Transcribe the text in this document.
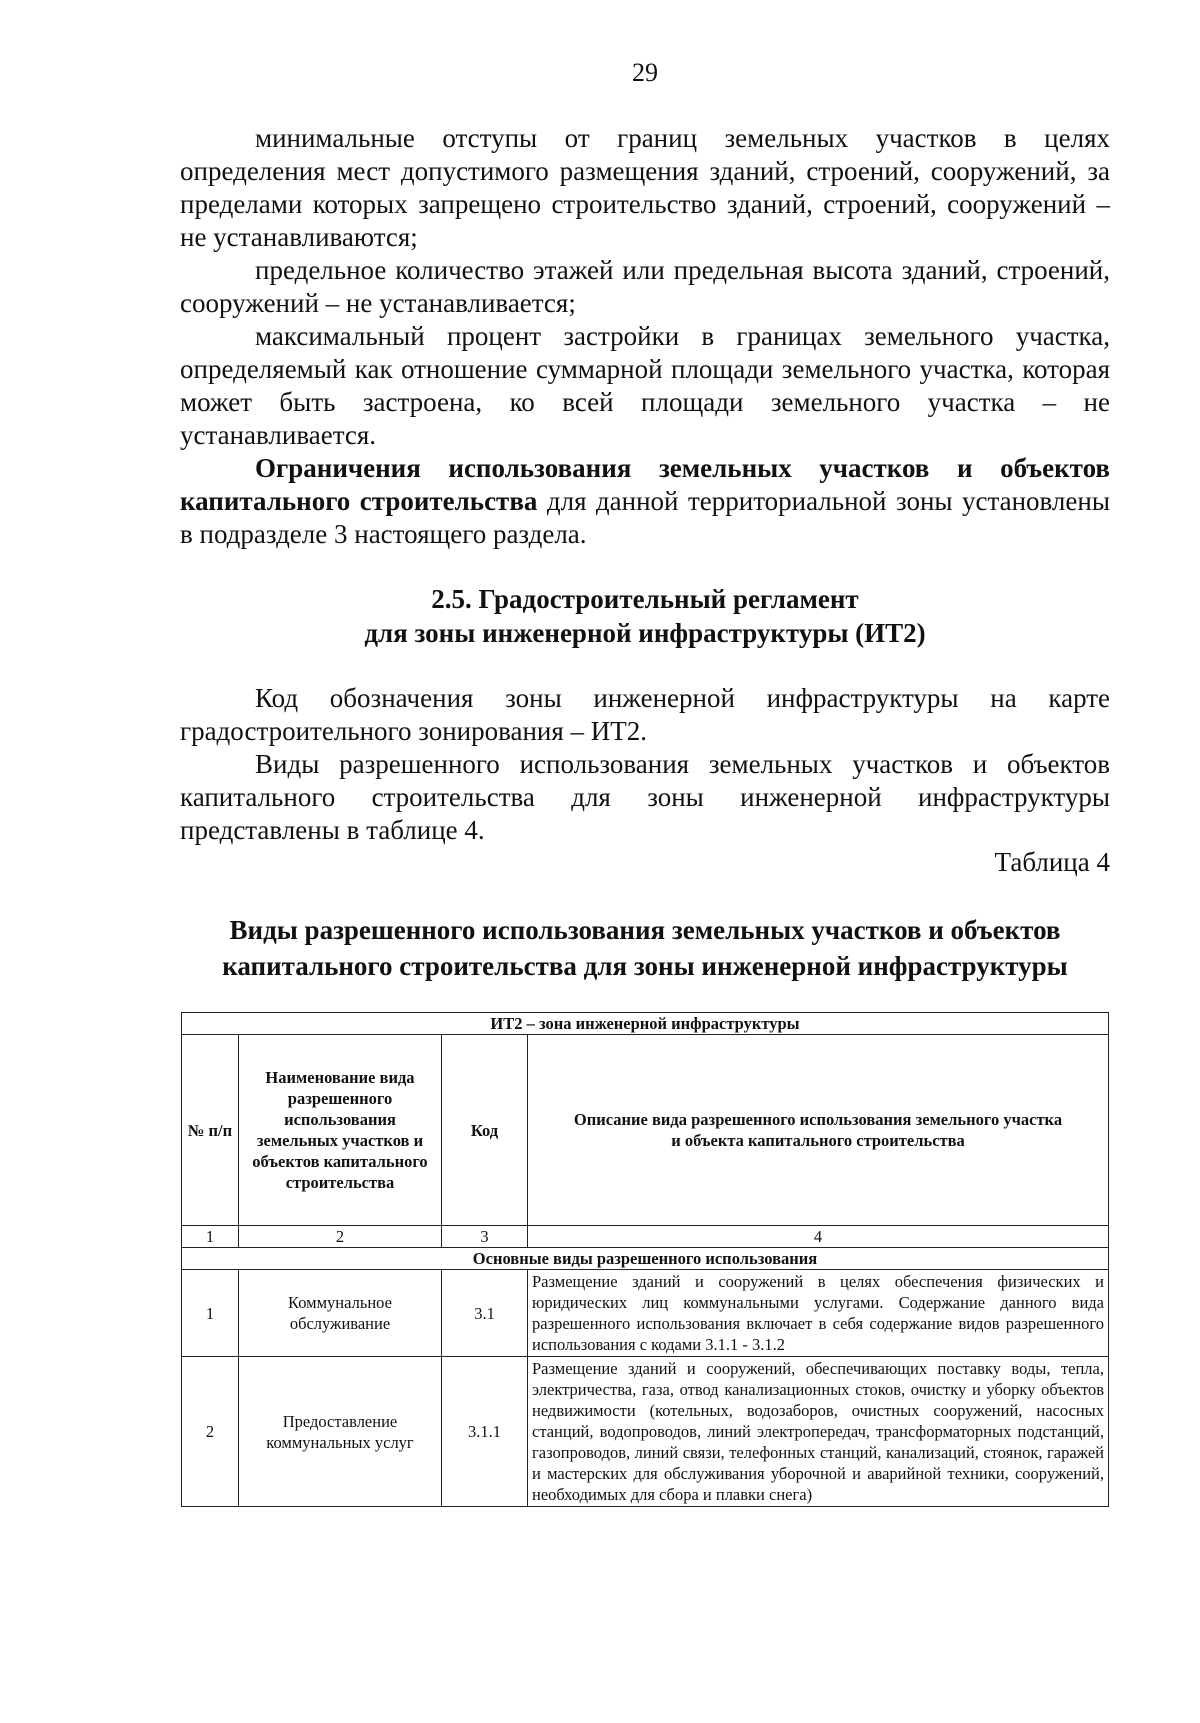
29

минимальные отступы от границ земельных участков в целях определения мест допустимого размещения зданий, строений, сооружений, за пределами которых запрещено строительство зданий, строений, сооружений – не устанавливаются;

предельное количество этажей или предельная высота зданий, строений, сооружений – не устанавливается;

максимальный процент застройки в границах земельного участка, определяемый как отношение суммарной площади земельного участка, которая может быть застроена, ко всей площади земельного участка – не устанавливается.

Ограничения использования земельных участков и объектов капитального строительства для данной территориальной зоны установлены в подразделе 3 настоящего раздела.

2.5. Градостроительный регламент
для зоны инженерной инфраструктуры (ИТ2)

Код обозначения зоны инженерной инфраструктуры на карте градостроительного зонирования – ИТ2.

Виды разрешенного использования земельных участков и объектов капитального строительства для зоны инженерной инфраструктуры представлены в таблице 4.

Таблица 4
Виды разрешенного использования земельных участков и объектов
капитального строительства для зоны инженерной инфраструктуры
ИТ2 – зона инженерной инфраструктуры			
№ п/п	Наименование вида разрешенного использования земельных участков и объектов капитального строительства	Код	Описание вида разрешенного использования земельного участка и объекта капитального строительства
1	2	3	4
Основные виды разрешенного использования			
1	Коммунальное обслуживание	3.1	Размещение зданий и сооружений в целях обеспечения физических и юридических лиц коммунальными услугами. Содержание данного вида разрешенного использования включает в себя содержание видов разрешенного использования с кодами 3.1.1 - 3.1.2
2	Предоставление коммунальных услуг	3.1.1	Размещение зданий и сооружений, обеспечивающих поставку воды, тепла, электричества, газа, отвод канализационных стоков, очистку и уборку объектов недвижимости (котельных, водозаборов, очистных сооружений, насосных станций, водопроводов, линий электропередач, трансформаторных подстанций, газопроводов, линий связи, телефонных станций, канализаций, стоянок, гаражей и мастерских для обслуживания уборочной и аварийной техники, сооружений, необходимых для сбора и плавки снега)
